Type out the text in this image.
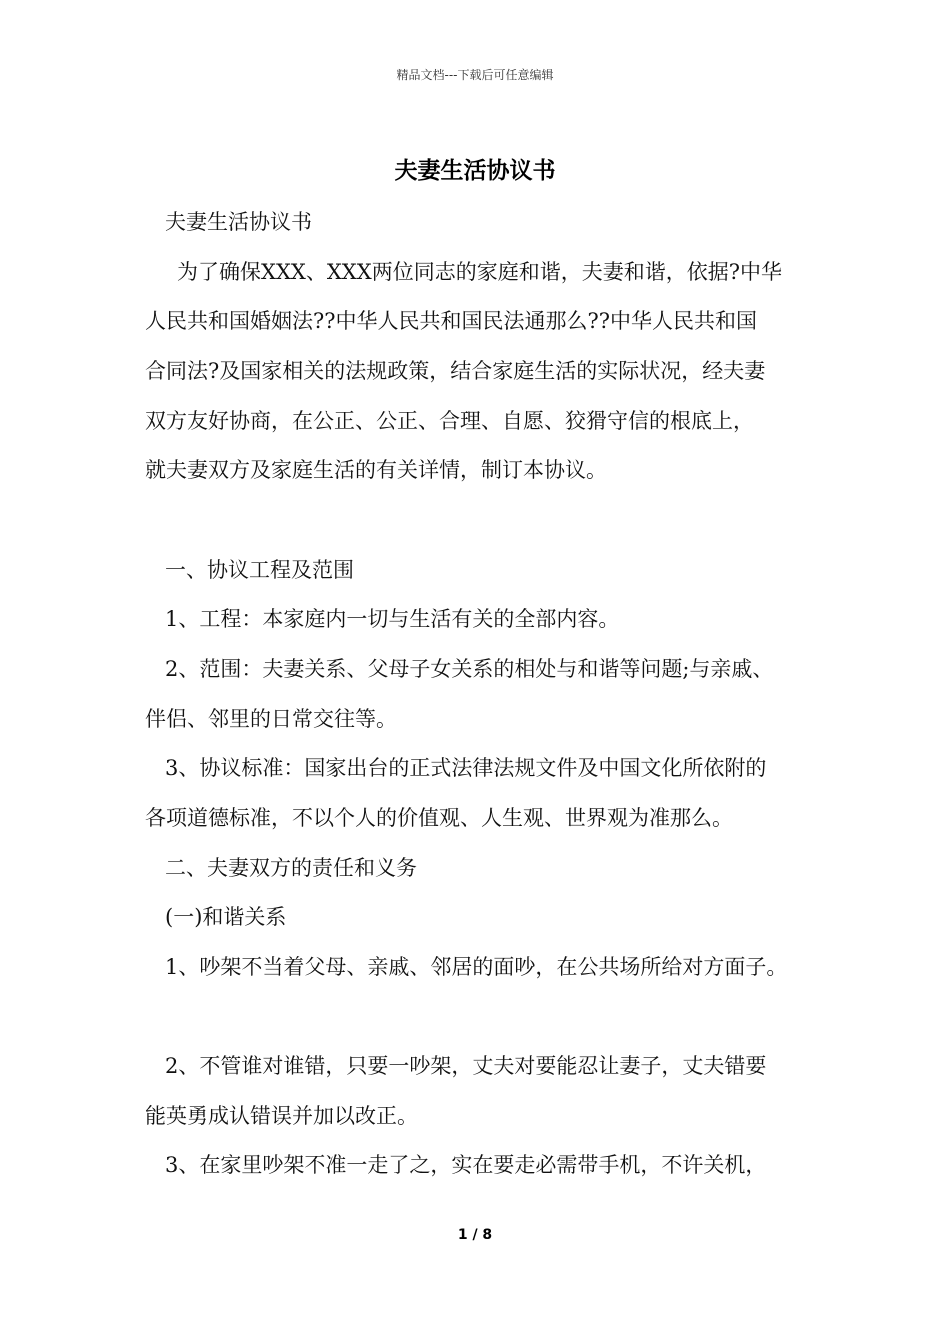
精品文档---下载后可任意编辑
夫妻生活协议书
夫妻生活协议书
为了确保XXX、XXX两位同志的家庭和谐，夫妻和谐，依据?中华
人民共和国婚姻法??中华人民共和国民法通那么??中华人民共和国
合同法?及国家相关的法规政策，结合家庭生活的实际状况，经夫妻
双方友好协商，在公正、公正、合理、自愿、狡猾守信的根底上，
就夫妻双方及家庭生活的有关详情，制订本协议。
一、协议工程及范围
1、工程：本家庭内一切与生活有关的全部内容。
2、范围：夫妻关系、父母子女关系的相处与和谐等问题;与亲戚、
伴侣、邻里的日常交往等。
3、协议标准：国家出台的正式法律法规文件及中国文化所依附的
各项道德标准，不以个人的价值观、人生观、世界观为准那么。
二、夫妻双方的责任和义务
(一)和谐关系
1、吵架不当着父母、亲戚、邻居的面吵，在公共场所给对方面子。
2、不管谁对谁错，只要一吵架，丈夫对要能忍让妻子，丈夫错要
能英勇成认错误并加以改正。
3、在家里吵架不准一走了之，实在要走必需带手机，不许关机，
1 / 8
